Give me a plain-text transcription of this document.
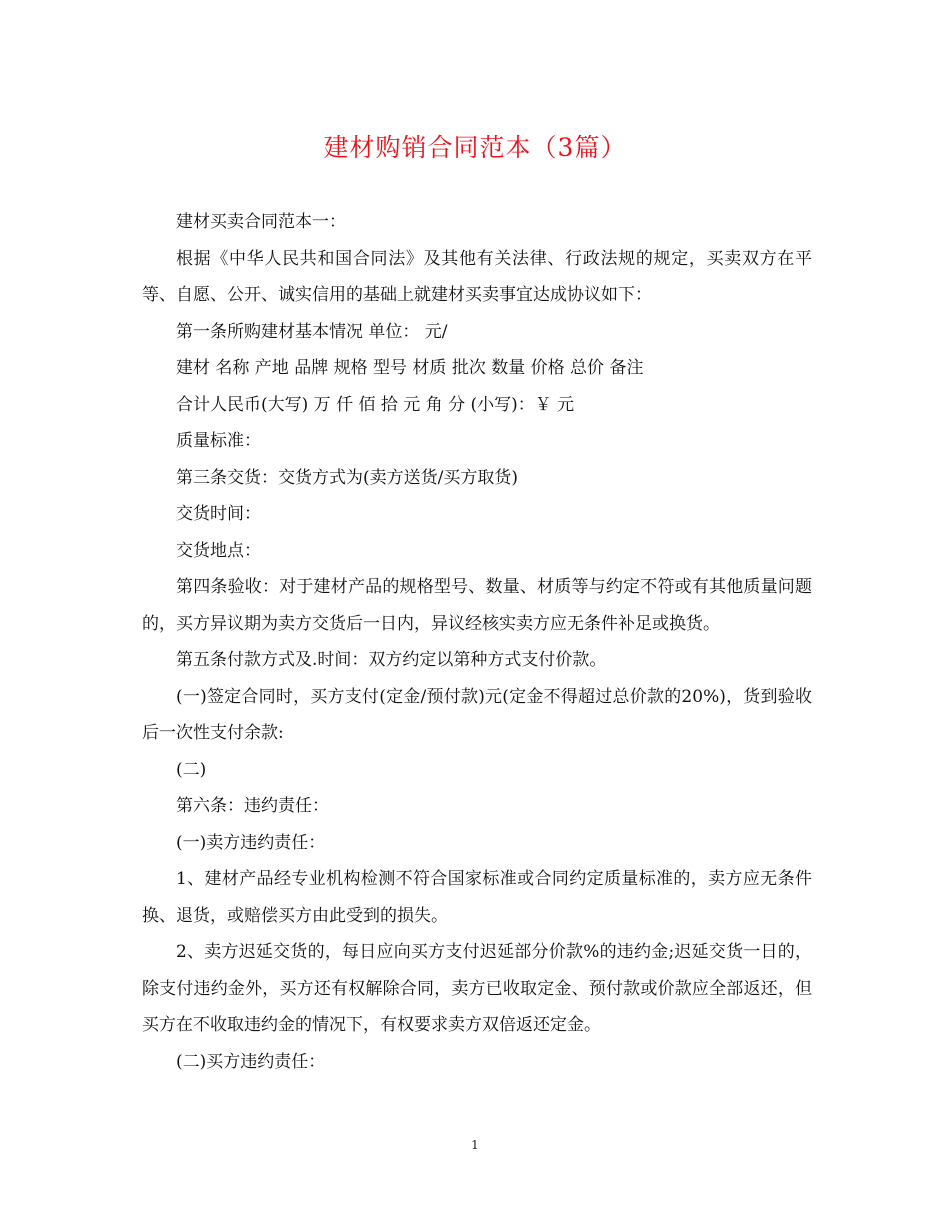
建材购销合同范本（3篇）

建材买卖合同范本一：

根据《中华人民共和国合同法》及其他有关法律、行政法规的规定，买卖双方在平等、自愿、公开、诚实信用的基础上就建材买卖事宜达成协议如下：

第一条所购建材基本情况 单位： 元/

建材 名称 产地 品牌 规格 型号 材质 批次 数量 价格 总价 备注

合计人民币(大写) 万 仟 佰 拾 元 角 分 (小写)：￥ 元

质量标准：

第三条交货：交货方式为(卖方送货/买方取货)

交货时间：

交货地点：

第四条验收：对于建材产品的规格型号、数量、材质等与约定不符或有其他质量问题的，买方异议期为卖方交货后一日内，异议经核实卖方应无条件补足或换货。

第五条付款方式及.时间：双方约定以第种方式支付价款。

(一)签定合同时，买方支付(定金/预付款)元(定金不得超过总价款的20%)，货到验收后一次性支付余款:

(二)

第六条：违约责任：

(一)卖方违约责任：

1、建材产品经专业机构检测不符合国家标准或合同约定质量标准的，卖方应无条件换、退货，或赔偿买方由此受到的损失。

2、卖方迟延交货的，每日应向买方支付迟延部分价款%的违约金;迟延交货一日的，除支付违约金外，买方还有权解除合同，卖方已收取定金、预付款或价款应全部返还，但买方在不收取违约金的情况下，有权要求卖方双倍返还定金。

(二)买方违约责任：

1
